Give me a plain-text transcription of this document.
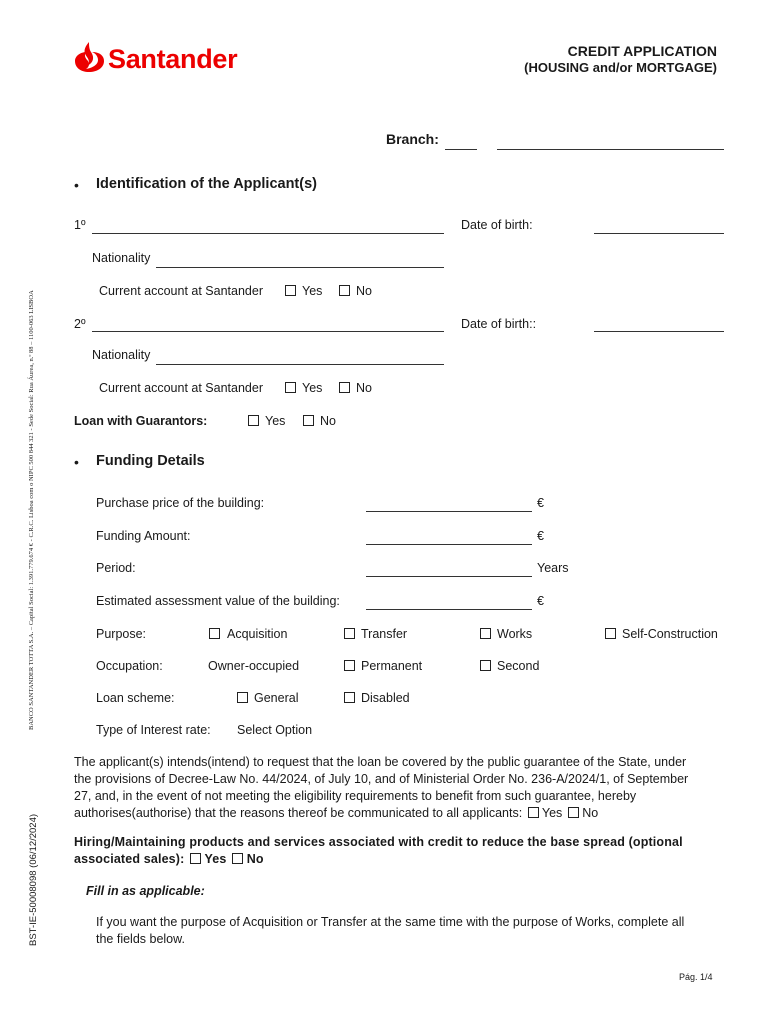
Santander	CREDIT APPLICATION
(HOUSING and/or MORTGAGE)
Branch:
BANCO SANTANDER TOTTA S.A. – Capital Social: 1.391.779.674 € - C.R.C. Lisboa com o NIPC 500 844 321 - Sede Social: Rua Áurea, n.º 88 – 1100-063 LISBOA
BST-IE-50008098 (06/12/2024)
• Identification of the Applicant(s)
1º	Date of birth:
Nationality
Current account at Santander	Yes	No
2º	Date of birth::
Nationality
Current account at Santander	Yes	No
Loan with Guarantors:	Yes	No
• Funding Details
Purchase price of the building:	€
Funding Amount:	€
Period:	Years
Estimated assessment value of the building:	€
Purpose:	Acquisition	Transfer	Works	Self-Construction
Occupation:	Owner-occupied	Permanent	Second
Loan scheme:	General	Disabled
Type of Interest rate: Select Option
The applicant(s) intends(intend) to request that the loan be covered by the public guarantee of the State, under
the provisions of Decree-Law No. 44/2024, of July 10, and of Ministerial Order No. 236-A/2024/1, of September
27, and, in the event of not meeting the eligibility requirements to benefit from such guarantee, hereby
authorises(authorise) that the reasons thereof be communicated to all applicants: Yes No
Hiring/Maintaining products and services associated with credit to reduce the base spread (optional
associated sales): Yes No
Fill in as applicable:
If you want the purpose of Acquisition or Transfer at the same time with the purpose of Works, complete all
the fields below.
Pág. 1/4
